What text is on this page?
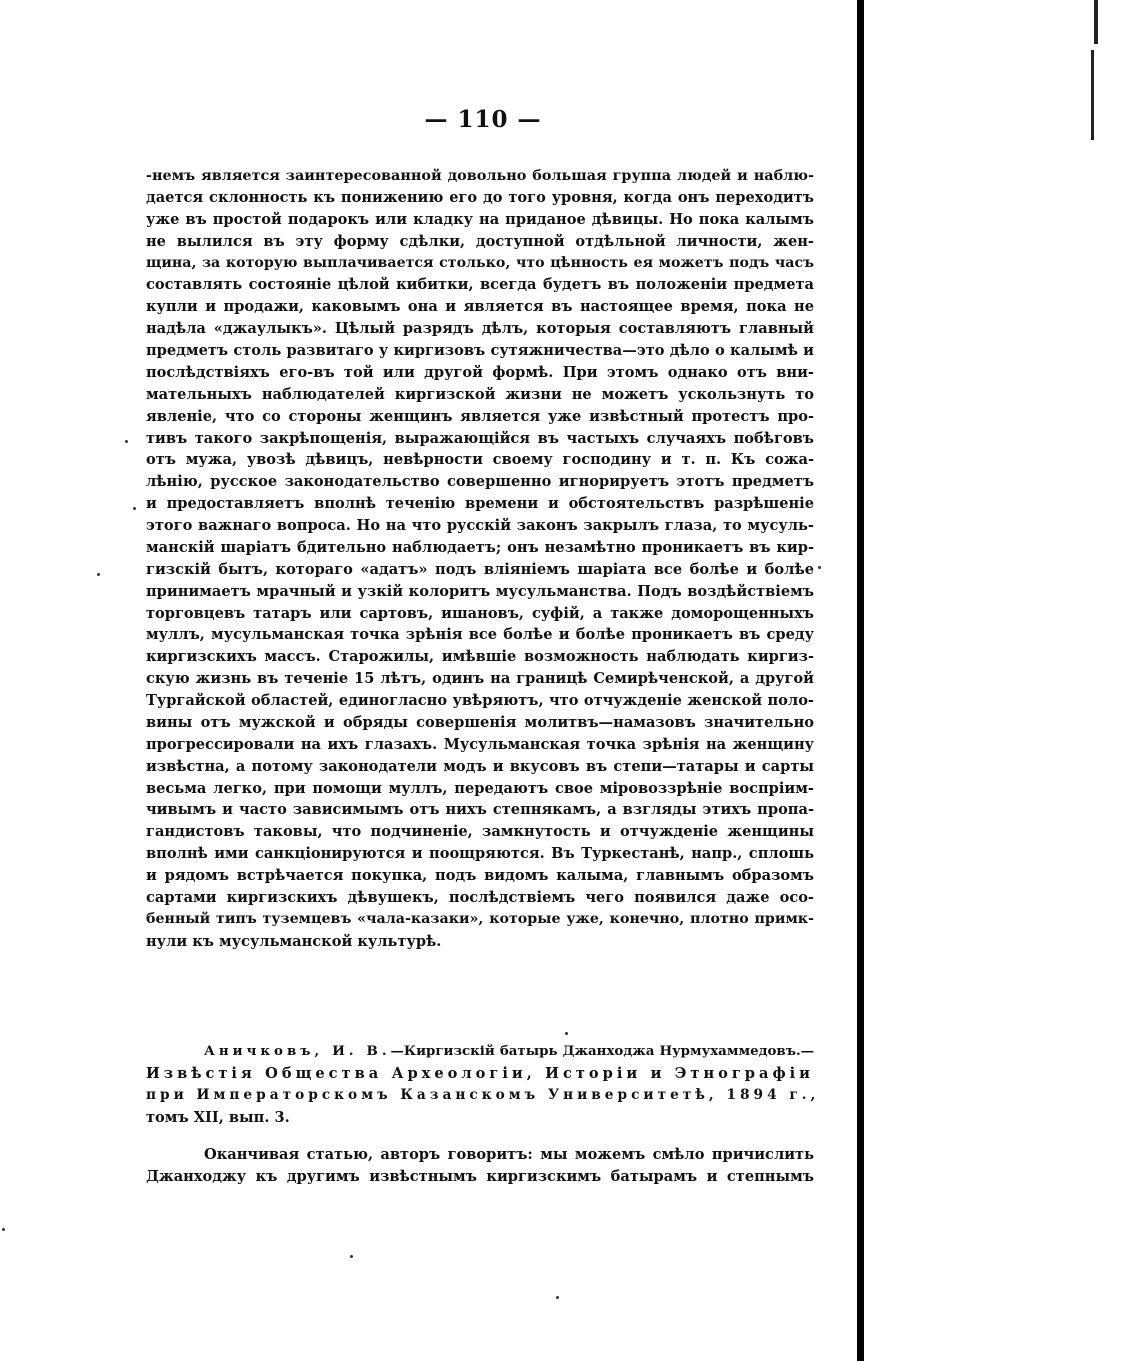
— 110 —
-немъ является заинтересованной довольно большая группа людей и наблю-
дается склонность къ понижению его до того уровня, когда онъ переходитъ
уже въ простой подарокъ или кладку на приданое дѣвицы. Но пока калымъ
не вылился въ эту форму сдѣлки, доступной отдѣльной личности, жен-
щина, за которую выплачивается столько, что цѣнность ея можетъ подъ часъ
составлять состояніе цѣлой кибитки, всегда будетъ въ положеніи предмета
купли и продажи, каковымъ она и является въ настоящее время, пока не
надѣла «джаулыкъ». Цѣлый разрядъ дѣлъ, которыя составляютъ главный
предметъ столь развитаго у киргизовъ сутяжничества—это дѣло о калымѣ и
послѣдствіяхъ его-въ той или другой формѣ. При этомъ однако отъ вни-
мательныхъ наблюдателей киргизской жизни не можетъ ускользнуть то
явленіе, что со стороны женщинъ является уже извѣстный протестъ про-
тивъ такого закрѣпощенія, выражающійся въ частыхъ случаяхъ побѣговъ
отъ мужа, увозѣ дѣвицъ, невѣрности своему господину и т. п. Къ сожа-
лѣнію, русское законодательство совершенно игнорируетъ этотъ предметъ
и предоставляетъ вполнѣ теченію времени и обстоятельствъ разрѣшеніе
этого важнаго вопроса. Но на что русскій законъ закрылъ глаза, то мусуль-
манскій шаріатъ бдительно наблюдаетъ; онъ незамѣтно проникаетъ въ кир-
гизскій бытъ, котораго «адатъ» подъ вліяніемъ шаріата все болѣе и болѣе
принимаетъ мрачный и узкій колоритъ мусульманства. Подъ воздѣйствіемъ
торговцевъ татаръ или сартовъ, ишановъ, суфій, а также доморощенныхъ
муллъ, мусульманская точка зрѣнія все болѣе и болѣе проникаетъ въ среду
киргизскихъ массъ. Старожилы, имѣвшіе возможность наблюдать киргиз-
скую жизнь въ теченіе 15 лѣтъ, одинъ на границѣ Семирѣченской, а другой
Тургайской областей, единогласно увѣряютъ, что отчужденіе женской поло-
вины отъ мужской и обряды совершенія молитвъ—намазовъ значительно
прогрессировали на ихъ глазахъ. Мусульманская точка зрѣнія на женщину
извѣстна, а потому законодатели модъ и вкусовъ въ степи—татары и сарты
весьма легко, при помощи муллъ, передаютъ свое міровоззрѣніе воспріим-
чивымъ и часто зависимымъ отъ нихъ степнякамъ, а взгляды этихъ пропа-
гандистовъ таковы, что подчиненіе, замкнутость и отчужденіе женщины
вполнѣ ими санкціонируются и поощряются. Въ Туркестанѣ, напр., сплошь
и рядомъ встрѣчается покупка, подъ видомъ калыма, главнымъ образомъ
сартами киргизскихъ дѣвушекъ, послѣдствіемъ чего появился даже осо-
бенный типъ туземцевъ «чала-казаки», которые уже, конечно, плотно примк-
нули къ мусульманской культурѣ.
Аничковъ, И. В.—Киргизскій батырь Джанходжа Нурмухаммедовъ.—
Извѣстія Общества Археологіи, Исторіи и Этнографіи
при Императорскомъ Казанскомъ Университетѣ, 1894 г.,
томъ XII, вып. 3.
Оканчивая статью, авторъ говоритъ: мы можемъ смѣло причислить
Джанходжу къ другимъ извѣстнымъ киргизскимъ батырамъ и степнымъ
